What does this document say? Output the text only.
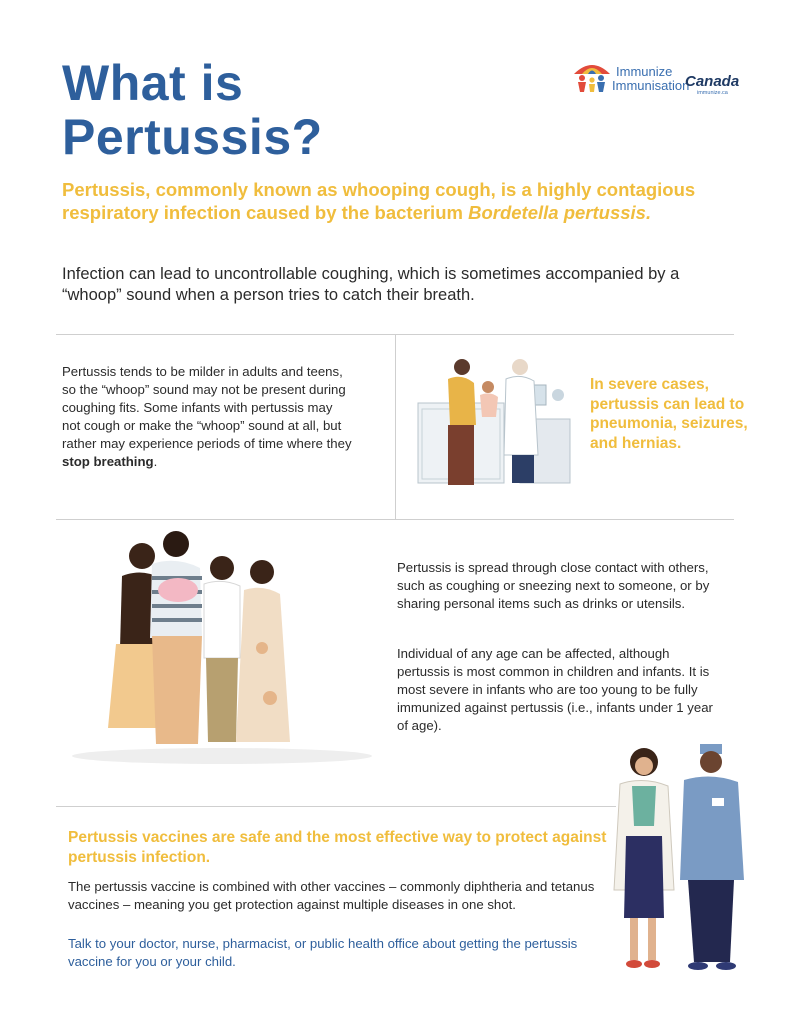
What is Pertussis?
Immunize
Immunisation
Canada
immunize.ca

Pertussis, commonly known as whooping cough, is a highly contagious respiratory infection caused by the bacterium Bordetella pertussis.

Infection can lead to uncontrollable coughing, which is sometimes accompanied by a “whoop” sound when a person tries to catch their breath.

Pertussis tends to be milder in adults and teens, so the “whoop” sound may not be present during coughing fits. Some infants with pertussis may not cough or make the “whoop” sound at all, but rather may experience periods of time where they stop breathing.

In severe cases, pertussis can lead to pneumonia, seizures, and hernias.

Pertussis is spread through close contact with others, such as coughing or sneezing next to someone, or by sharing personal items such as drinks or utensils.

Individual of any age can be affected, although pertussis is most common in children and infants. It is most severe in infants who are too young to be fully immunized against pertussis (i.e., infants under 1 year of age).

Pertussis vaccines are safe and the most effective way to protect against pertussis infection.

The pertussis vaccine is combined with other vaccines – commonly diphtheria and tetanus vaccines – meaning you get protection against multiple diseases in one shot.

Talk to your doctor, nurse, pharmacist, or public health office about getting the pertussis vaccine for you or your child.
